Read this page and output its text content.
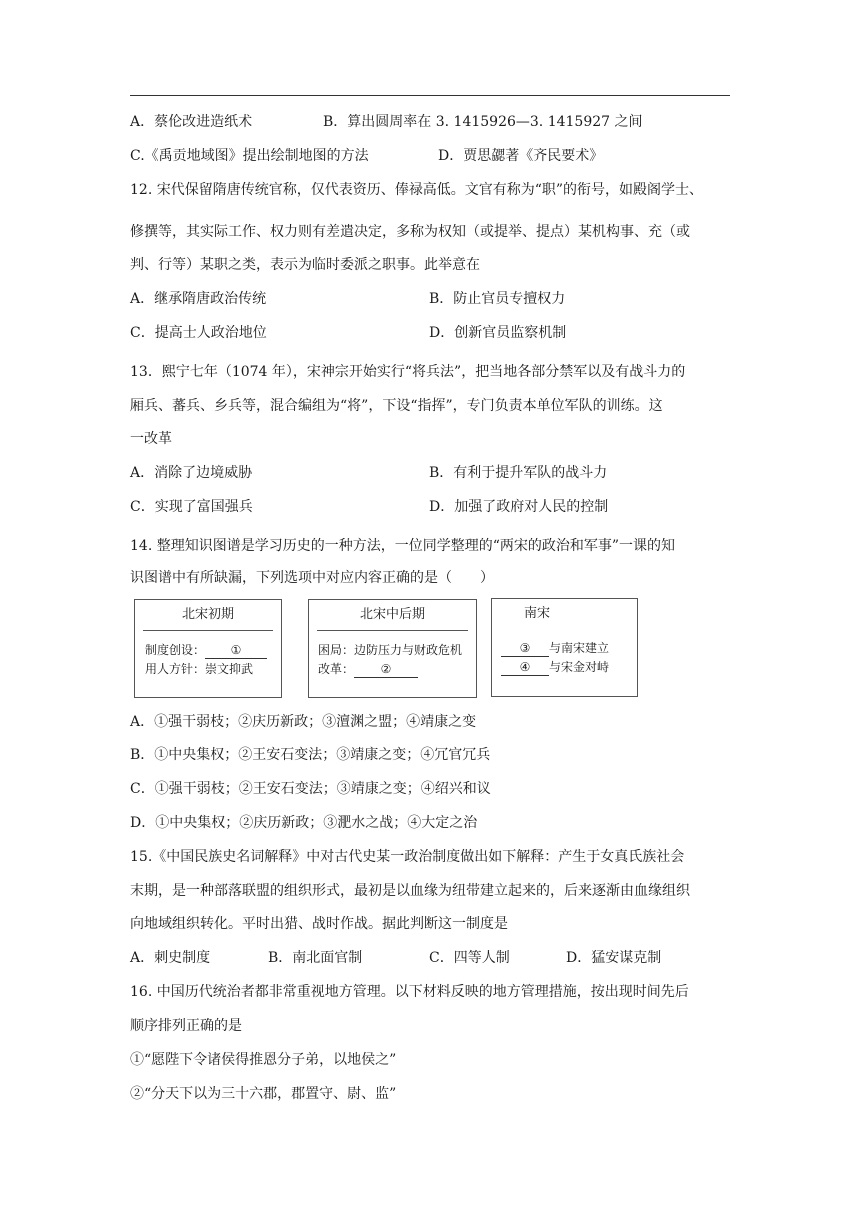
A．蔡伦改进造纸术	B．算出圆周率在 3. 1415926—3. 1415927 之间
C.《禹贡地域图》提出绘制地图的方法	D．贾思勰著《齐民要术》
12. 宋代保留隋唐传统官称，仅代表资历、俸禄高低。文官有称为“职”的衔号，如殿阁学士、
修撰等，其实际工作、权力则有差遣决定，多称为权知（或提举、提点）某机构事、充（或
判、行等）某职之类，表示为临时委派之职事。此举意在
A．继承隋唐政治传统	B．防止官员专擅权力
C．提高士人政治地位	D．创新官员监察机制
13．熙宁七年（1074 年），宋神宗开始实行“将兵法”，把当地各部分禁军以及有战斗力的
厢兵、蕃兵、乡兵等，混合编组为“将”，下设“指挥”，专门负责本单位军队的训练。这
一改革
A．消除了边境威胁	B．有利于提升军队的战斗力
C．实现了富国强兵	D．加强了政府对人民的控制
14. 整理知识图谱是学习历史的一种方法，一位同学整理的“两宋的政治和军事”一课的知
识图谱中有所缺漏，下列选项中对应内容正确的是（　　）
北宋初期
制度创设： ①
用人方针：崇文抑武
北宋中后期
困局：边防压力与财政危机
改革： ②
南宋
③ 与南宋建立
④ 与宋金对峙
A．①强干弱枝；②庆历新政；③澶渊之盟；④靖康之变
B．①中央集权；②王安石变法；③靖康之变；④冗官冗兵
C．①强干弱枝；②王安石变法；③靖康之变；④绍兴和议
D．①中央集权；②庆历新政；③淝水之战；④大定之治
15.《中国民族史名词解释》中对古代史某一政治制度做出如下解释：产生于女真氏族社会
末期，是一种部落联盟的组织形式，最初是以血缘为纽带建立起来的，后来逐渐由血缘组织
向地域组织转化。平时出猎、战时作战。据此判断这一制度是
A．刺史制度	B．南北面官制	C．四等人制	D．猛安谋克制
16. 中国历代统治者都非常重视地方管理。以下材料反映的地方管理措施，按出现时间先后
顺序排列正确的是
①“愿陛下令诸侯得推恩分子弟，以地侯之”
②“分天下以为三十六郡，郡置守、尉、监”
